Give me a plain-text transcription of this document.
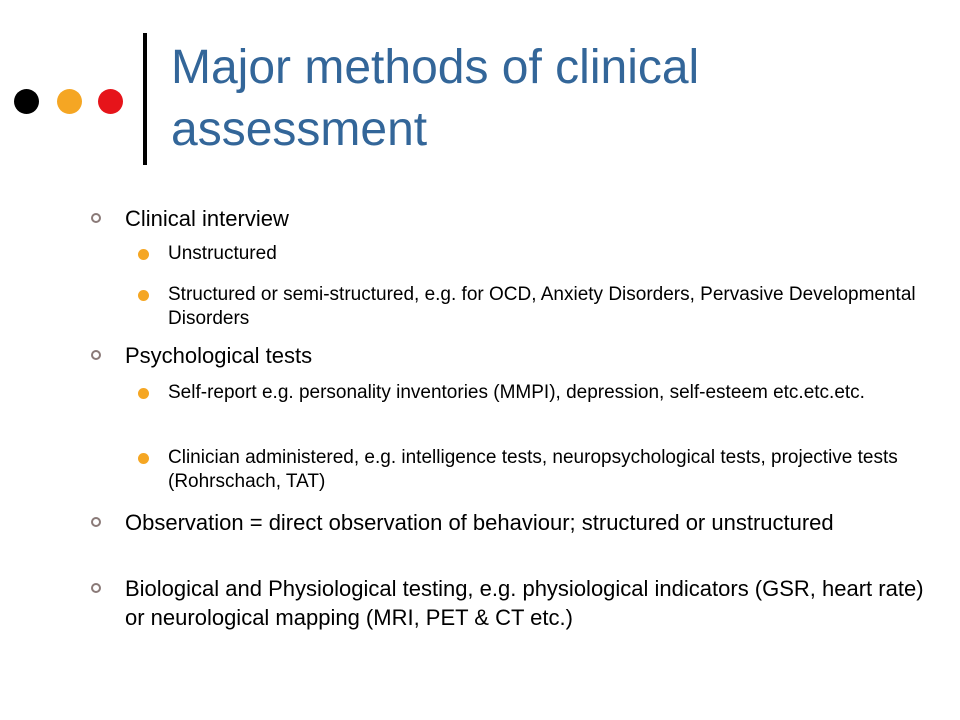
Major methods of clinical assessment
Clinical interview
Unstructured
Structured or semi-structured, e.g. for OCD, Anxiety Disorders, Pervasive Developmental Disorders
Psychological tests
Self-report e.g. personality inventories (MMPI), depression, self-esteem etc.etc.etc.
Clinician administered, e.g. intelligence tests, neuropsychological tests, projective tests (Rohrschach, TAT)
Observation = direct observation of behaviour; structured or unstructured
Biological and Physiological testing, e.g. physiological indicators (GSR, heart rate) or neurological mapping (MRI, PET & CT etc.)
